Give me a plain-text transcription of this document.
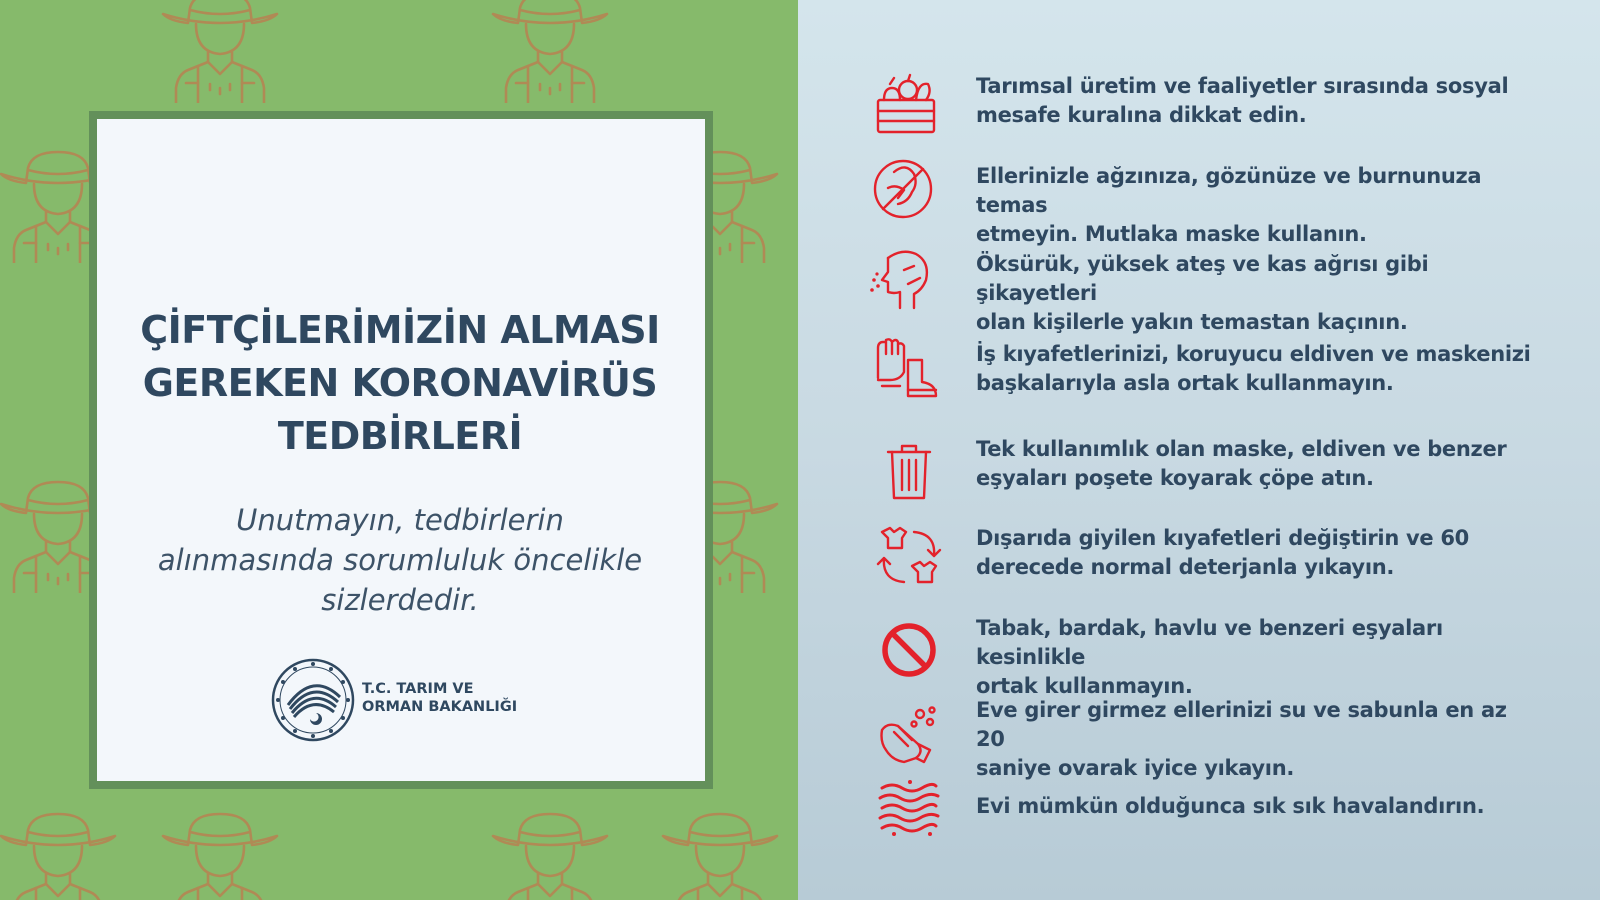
ÇİFTÇİLERİMİZİN ALMASI GEREKEN KORONAVİRÜS TEDBİRLERİ
Unutmayın, tedbirlerin alınmasında sorumluluk öncelikle sizlerdedir.
T.C. TARIM VE
ORMAN BAKANLIĞI
Tarımsal üretim ve faaliyetler sırasında sosyal
mesafe kuralına dikkat edin.
Ellerinizle ağzınıza, gözünüze ve burnunuza temas
etmeyin. Mutlaka maske kullanın.
Öksürük, yüksek ateş ve kas ağrısı gibi şikayetleri
olan kişilerle yakın temastan kaçının.
İş kıyafetlerinizi, koruyucu eldiven ve maskenizi
başkalarıyla asla ortak kullanmayın.
Tek kullanımlık olan maske, eldiven ve benzer
eşyaları poşete koyarak çöpe atın.
Dışarıda giyilen kıyafetleri değiştirin ve 60
derecede normal deterjanla yıkayın.
Tabak, bardak, havlu ve benzeri eşyaları kesinlikle
ortak kullanmayın.
Eve girer girmez ellerinizi su ve sabunla en az 20
saniye ovarak iyice yıkayın.
Evi mümkün olduğunca sık sık havalandırın.
